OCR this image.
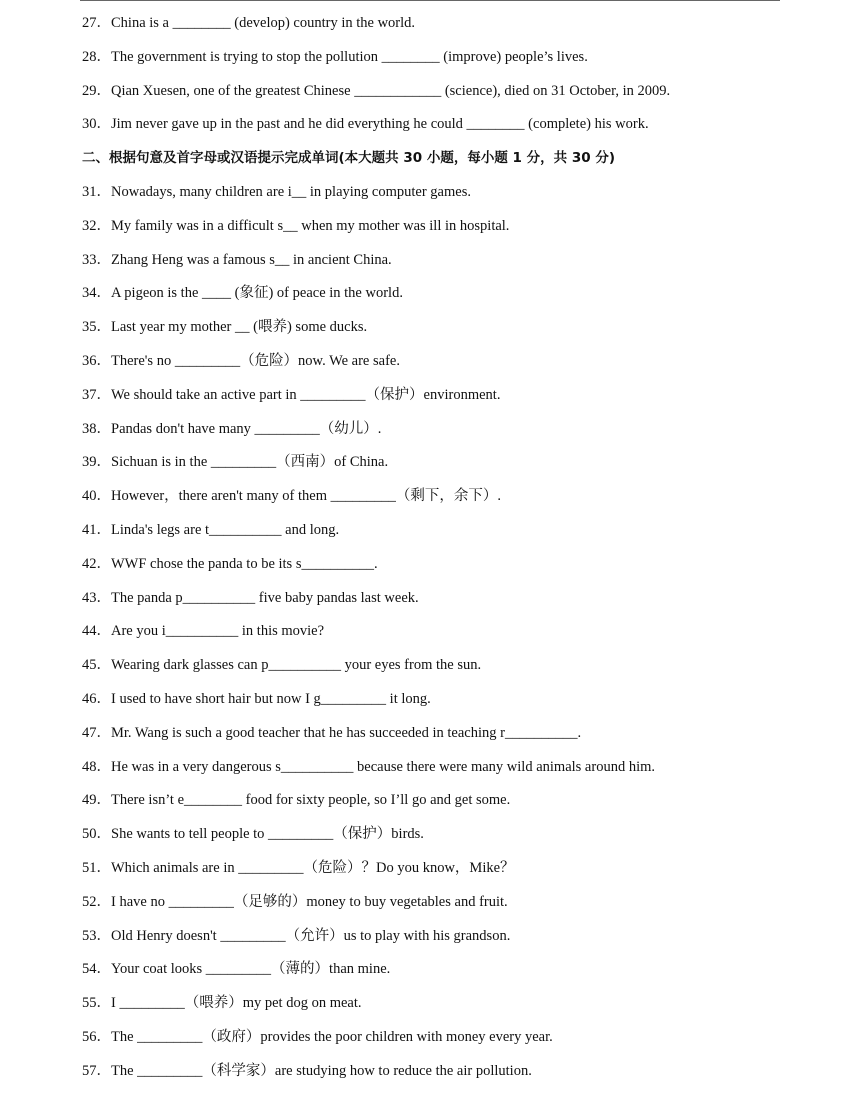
27．China is a ________ (develop) country in the world.
28．The government is trying to stop the pollution ________ (improve) people’s lives.
29．Qian Xuesen, one of the greatest Chinese ____________ (science), died on 31 October, in 2009.
30．Jim never gave up in the past and he did everything he could ________ (complete) his work.
二、根据句意及首字母或汉语提示完成单词(本大题共 30 小题，每小题 1 分，共 30 分)
31．Nowadays, many children are i__ in playing computer games.
32．My family was in a difficult s__ when my mother was ill in hospital.
33．Zhang Heng was a famous s__ in ancient China.
34．A pigeon is the ____ (象征) of peace in the world.
35．Last year my mother __ (喂养) some ducks.
36．There's no _________（危险）now. We are safe.
37．We should take an active part in _________（保护）environment.
38．Pandas don't have many _________（幼儿）.
39．Sichuan is in the _________（西南）of China.
40．However，there aren't many of them _________（剩下，余下）.
41．Linda's legs are t__________ and long.
42．WWF chose the panda to be its s__________.
43．The panda p__________ five baby pandas last week.
44．Are you i__________ in this movie?
45．Wearing dark glasses can p__________ your eyes from the sun.
46．I used to have short hair but now I g_________ it long.
47．Mr. Wang is such a good teacher that he has succeeded in teaching r__________.
48．He was in a very dangerous s__________ because there were many wild animals around him.
49．There isn’t e________ food for sixty people, so I’ll go and get some.
50．She wants to tell people to _________（保护）birds.
51．Which animals are in _________（危险）？Do you know，Mike？
52．I have no _________（足够的）money to buy vegetables and fruit.
53．Old Henry doesn't _________（允许）us to play with his grandson.
54．Your coat looks _________（薄的）than mine.
55．I _________（喂养）my pet dog on meat.
56．The _________（政府）provides the poor children with money every year.
57．The _________（科学家）are studying how to reduce the air pollution.
